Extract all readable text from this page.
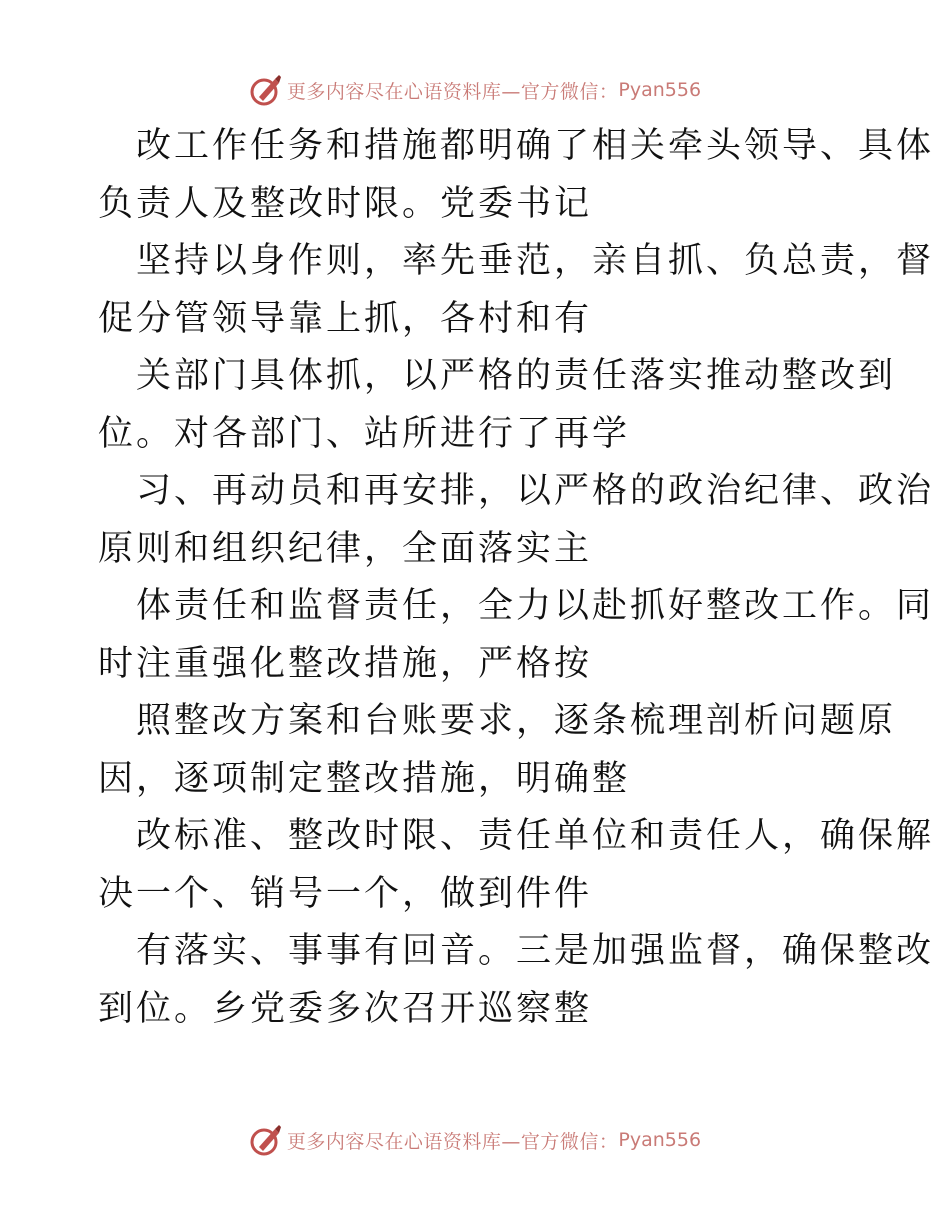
更多内容尽在心语资料库—官方微信： Pyan556
改工作任务和措施都明确了相关牵头领导、具体
负责人及整改时限。党委书记
坚持以身作则，率先垂范，亲自抓、负总责，督
促分管领导靠上抓，各村和有
关部门具体抓，以严格的责任落实推动整改到
位。对各部门、站所进行了再学
习、再动员和再安排，以严格的政治纪律、政治
原则和组织纪律，全面落实主
体责任和监督责任，全力以赴抓好整改工作。同
时注重强化整改措施，严格按
照整改方案和台账要求，逐条梳理剖析问题原
因，逐项制定整改措施，明确整
改标准、整改时限、责任单位和责任人，确保解
决一个、销号一个，做到件件
有落实、事事有回音。三是加强监督，确保整改
到位。乡党委多次召开巡察整
更多内容尽在心语资料库—官方微信： Pyan556
